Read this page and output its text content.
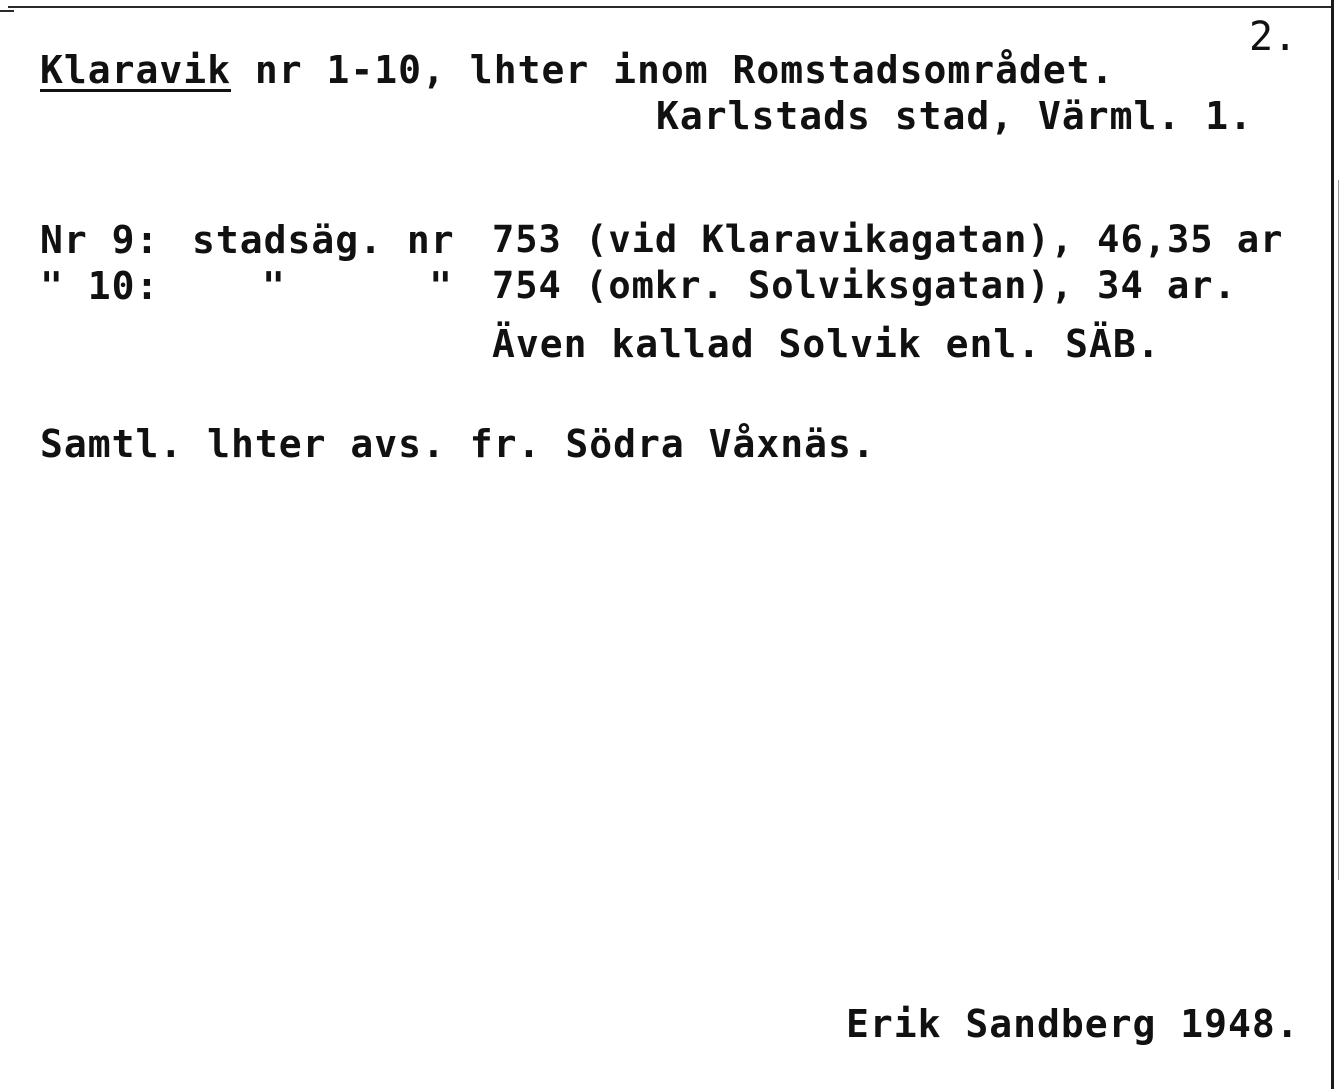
2.
Klaravik nr 1-10, lhter inom Romstadsområdet.
Karlstads stad, Värml. 1.
Nr 9: stadsäg. nr 753 (vid Klaravikagatan), 46,35 ar
" 10:	"      " 754 (omkr. Solviksgatan), 34 ar.
Även kallad Solvik enl. SÄB.
Samtl. lhter avs. fr. Södra Våxnäs.
Erik Sandberg 1948.
